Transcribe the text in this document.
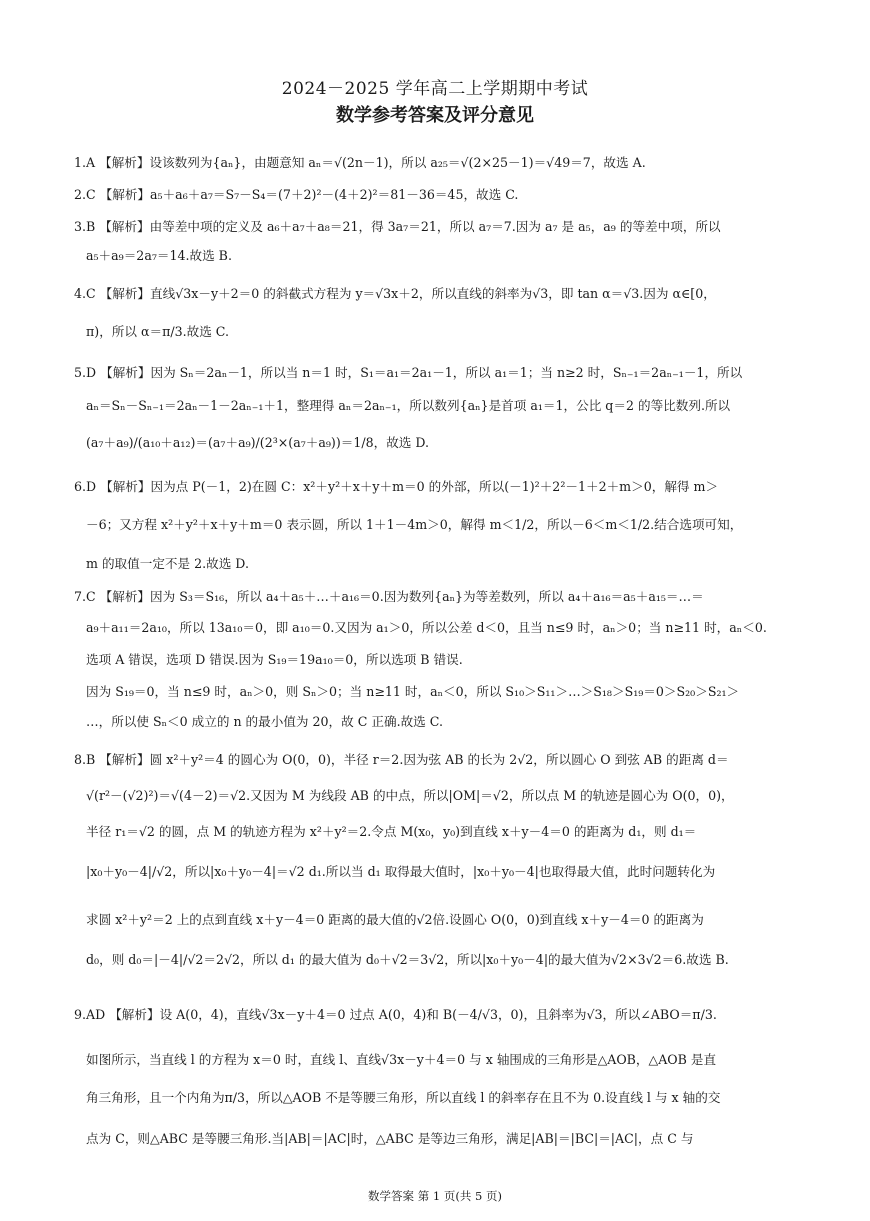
2024－2025 学年高二上学期期中考试
数学参考答案及评分意见
1.A 【解析】设该数列为{aₙ}，由题意知 aₙ＝√(2n－1)，所以 a₂₅＝√(2×25－1)＝√49＝7，故选 A.
2.C 【解析】a₅＋a₆＋a₇＝S₇－S₄＝(7＋2)²－(4＋2)²＝81－36＝45，故选 C.
3.B 【解析】由等差中项的定义及 a₆＋a₇＋a₈＝21，得 3a₇＝21，所以 a₇＝7.因为 a₇ 是 a₅，a₉ 的等差中项，所以
a₅＋a₉＝2a₇＝14.故选 B.
4.C 【解析】直线√3x－y＋2＝0 的斜截式方程为 y＝√3x＋2，所以直线的斜率为√3，即 tan α＝√3.因为 α∈[0，
π)，所以 α＝π/3.故选 C.
5.D 【解析】因为 Sₙ＝2aₙ－1，所以当 n＝1 时，S₁＝a₁＝2a₁－1，所以 a₁＝1；当 n≥2 时，Sₙ₋₁＝2aₙ₋₁－1，所以
aₙ＝Sₙ－Sₙ₋₁＝2aₙ－1－2aₙ₋₁＋1，整理得 aₙ＝2aₙ₋₁，所以数列{aₙ}是首项 a₁＝1，公比 q＝2 的等比数列.所以
(a₇＋a₉)/(a₁₀＋a₁₂)＝(a₇＋a₉)/(2³×(a₇＋a₉))＝1/8，故选 D.
6.D 【解析】因为点 P(－1，2)在圆 C：x²＋y²＋x＋y＋m＝0 的外部，所以(－1)²＋2²－1＋2＋m＞0，解得 m＞
－6；又方程 x²＋y²＋x＋y＋m＝0 表示圆，所以 1＋1－4m＞0，解得 m＜1/2，所以－6＜m＜1/2.结合选项可知，
m 的取值一定不是 2.故选 D.
7.C 【解析】因为 S₃＝S₁₆，所以 a₄＋a₅＋…＋a₁₆＝0.因为数列{aₙ}为等差数列，所以 a₄＋a₁₆＝a₅＋a₁₅＝…＝
a₉＋a₁₁＝2a₁₀，所以 13a₁₀＝0，即 a₁₀＝0.又因为 a₁＞0，所以公差 d＜0，且当 n≤9 时，aₙ＞0；当 n≥11 时，aₙ＜0.
选项 A 错误，选项 D 错误.因为 S₁₉＝19a₁₀＝0，所以选项 B 错误.
因为 S₁₉＝0，当 n≤9 时，aₙ＞0，则 Sₙ＞0；当 n≥11 时，aₙ＜0，所以 S₁₀＞S₁₁＞…＞S₁₈＞S₁₉＝0＞S₂₀＞S₂₁＞
…，所以使 Sₙ＜0 成立的 n 的最小值为 20，故 C 正确.故选 C.
8.B 【解析】圆 x²＋y²＝4 的圆心为 O(0，0)，半径 r＝2.因为弦 AB 的长为 2√2，所以圆心 O 到弦 AB 的距离 d＝
√(r²－(√2)²)＝√(4－2)＝√2.又因为 M 为线段 AB 的中点，所以|OM|＝√2，所以点 M 的轨迹是圆心为 O(0，0)，
半径 r₁＝√2 的圆，点 M 的轨迹方程为 x²＋y²＝2.令点 M(x₀，y₀)到直线 x＋y－4＝0 的距离为 d₁，则 d₁＝
|x₀＋y₀－4|/√2，所以|x₀＋y₀－4|＝√2 d₁.所以当 d₁ 取得最大值时，|x₀＋y₀－4|也取得最大值，此时问题转化为
求圆 x²＋y²＝2 上的点到直线 x＋y－4＝0 距离的最大值的√2倍.设圆心 O(0，0)到直线 x＋y－4＝0 的距离为
d₀，则 d₀＝|－4|/√2＝2√2，所以 d₁ 的最大值为 d₀＋√2＝3√2，所以|x₀＋y₀－4|的最大值为√2×3√2＝6.故选 B.
9.AD 【解析】设 A(0，4)，直线√3x－y＋4＝0 过点 A(0，4)和 B(－4/√3，0)，且斜率为√3，所以∠ABO＝π/3.
如图所示，当直线 l 的方程为 x＝0 时，直线 l、直线√3x－y＋4＝0 与 x 轴围成的三角形是△AOB，△AOB 是直
角三角形，且一个内角为π/3，所以△AOB 不是等腰三角形，所以直线 l 的斜率存在且不为 0.设直线 l 与 x 轴的交
点为 C，则△ABC 是等腰三角形.当|AB|＝|AC|时，△ABC 是等边三角形，满足|AB|＝|BC|＝|AC|，点 C 与
数学答案 第 1 页(共 5 页)
